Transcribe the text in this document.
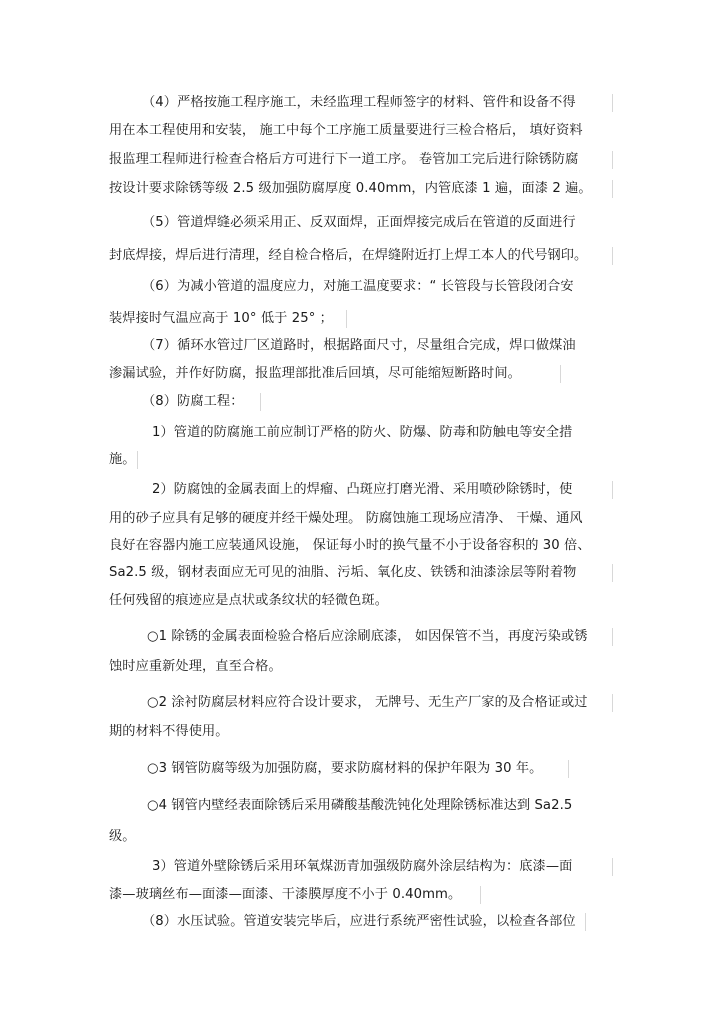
（4）严格按施工程序施工，未经监理工程师签字的材料、管件和设备不得
用在本工程使用和安装， 施工中每个工序施工质量要进行三检合格后， 填好资料
报监理工程师进行检查合格后方可进行下一道工序。 卷管加工完后进行除锈防腐
按设计要求除锈等级 2.5 级加强防腐厚度 0.40mm，内管底漆 1 遍，面漆 2 遍。
（5）管道焊缝必须采用正、反双面焊，正面焊接完成后在管道的反面进行
封底焊接，焊后进行清理，经自检合格后，在焊缝附近打上焊工本人的代号钢印。
（6）为减小管道的温度应力，对施工温度要求：“ 长管段与长管段闭合安
装焊接时气温应高于 10° 低于 25° ；
（7）循环水管过厂区道路时，根据路面尺寸，尽量组合完成，焊口做煤油
渗漏试验，并作好防腐，报监理部批准后回填，尽可能缩短断路时间。
（8）防腐工程：
1）管道的防腐施工前应制订严格的防火、防爆、防毒和防触电等安全措
施。
2）防腐蚀的金属表面上的焊瘤、凸斑应打磨光滑、采用喷砂除锈时，使
用的砂子应具有足够的硬度并经干燥处理。 防腐蚀施工现场应清净、 干燥、通风
良好在容器内施工应装通风设施， 保证每小时的换气量不小于设备容积的 30 倍、
Sa2.5 级，钢材表面应无可见的油脂、污垢、氧化皮、铁锈和油漆涂层等附着物
任何残留的痕迹应是点状或条纹状的轻微色斑。
○1 除锈的金属表面检验合格后应涂刷底漆， 如因保管不当，再度污染或锈
蚀时应重新处理，直至合格。
○2 涂衬防腐层材料应符合设计要求， 无牌号、无生产厂家的及合格证或过
期的材料不得使用。
○3 钢管防腐等级为加强防腐，要求防腐材料的保护年限为 30 年。
○4 钢管内壁经表面除锈后采用磷酸基酸洗钝化处理除锈标准达到 Sa2.5
级。
3）管道外壁除锈后采用环氧煤沥青加强级防腐外涂层结构为：底漆—面
漆—玻璃丝布—面漆—面漆、干漆膜厚度不小于 0.40mm。
（8）水压试验。管道安装完毕后，应进行系统严密性试验，以检查各部位
